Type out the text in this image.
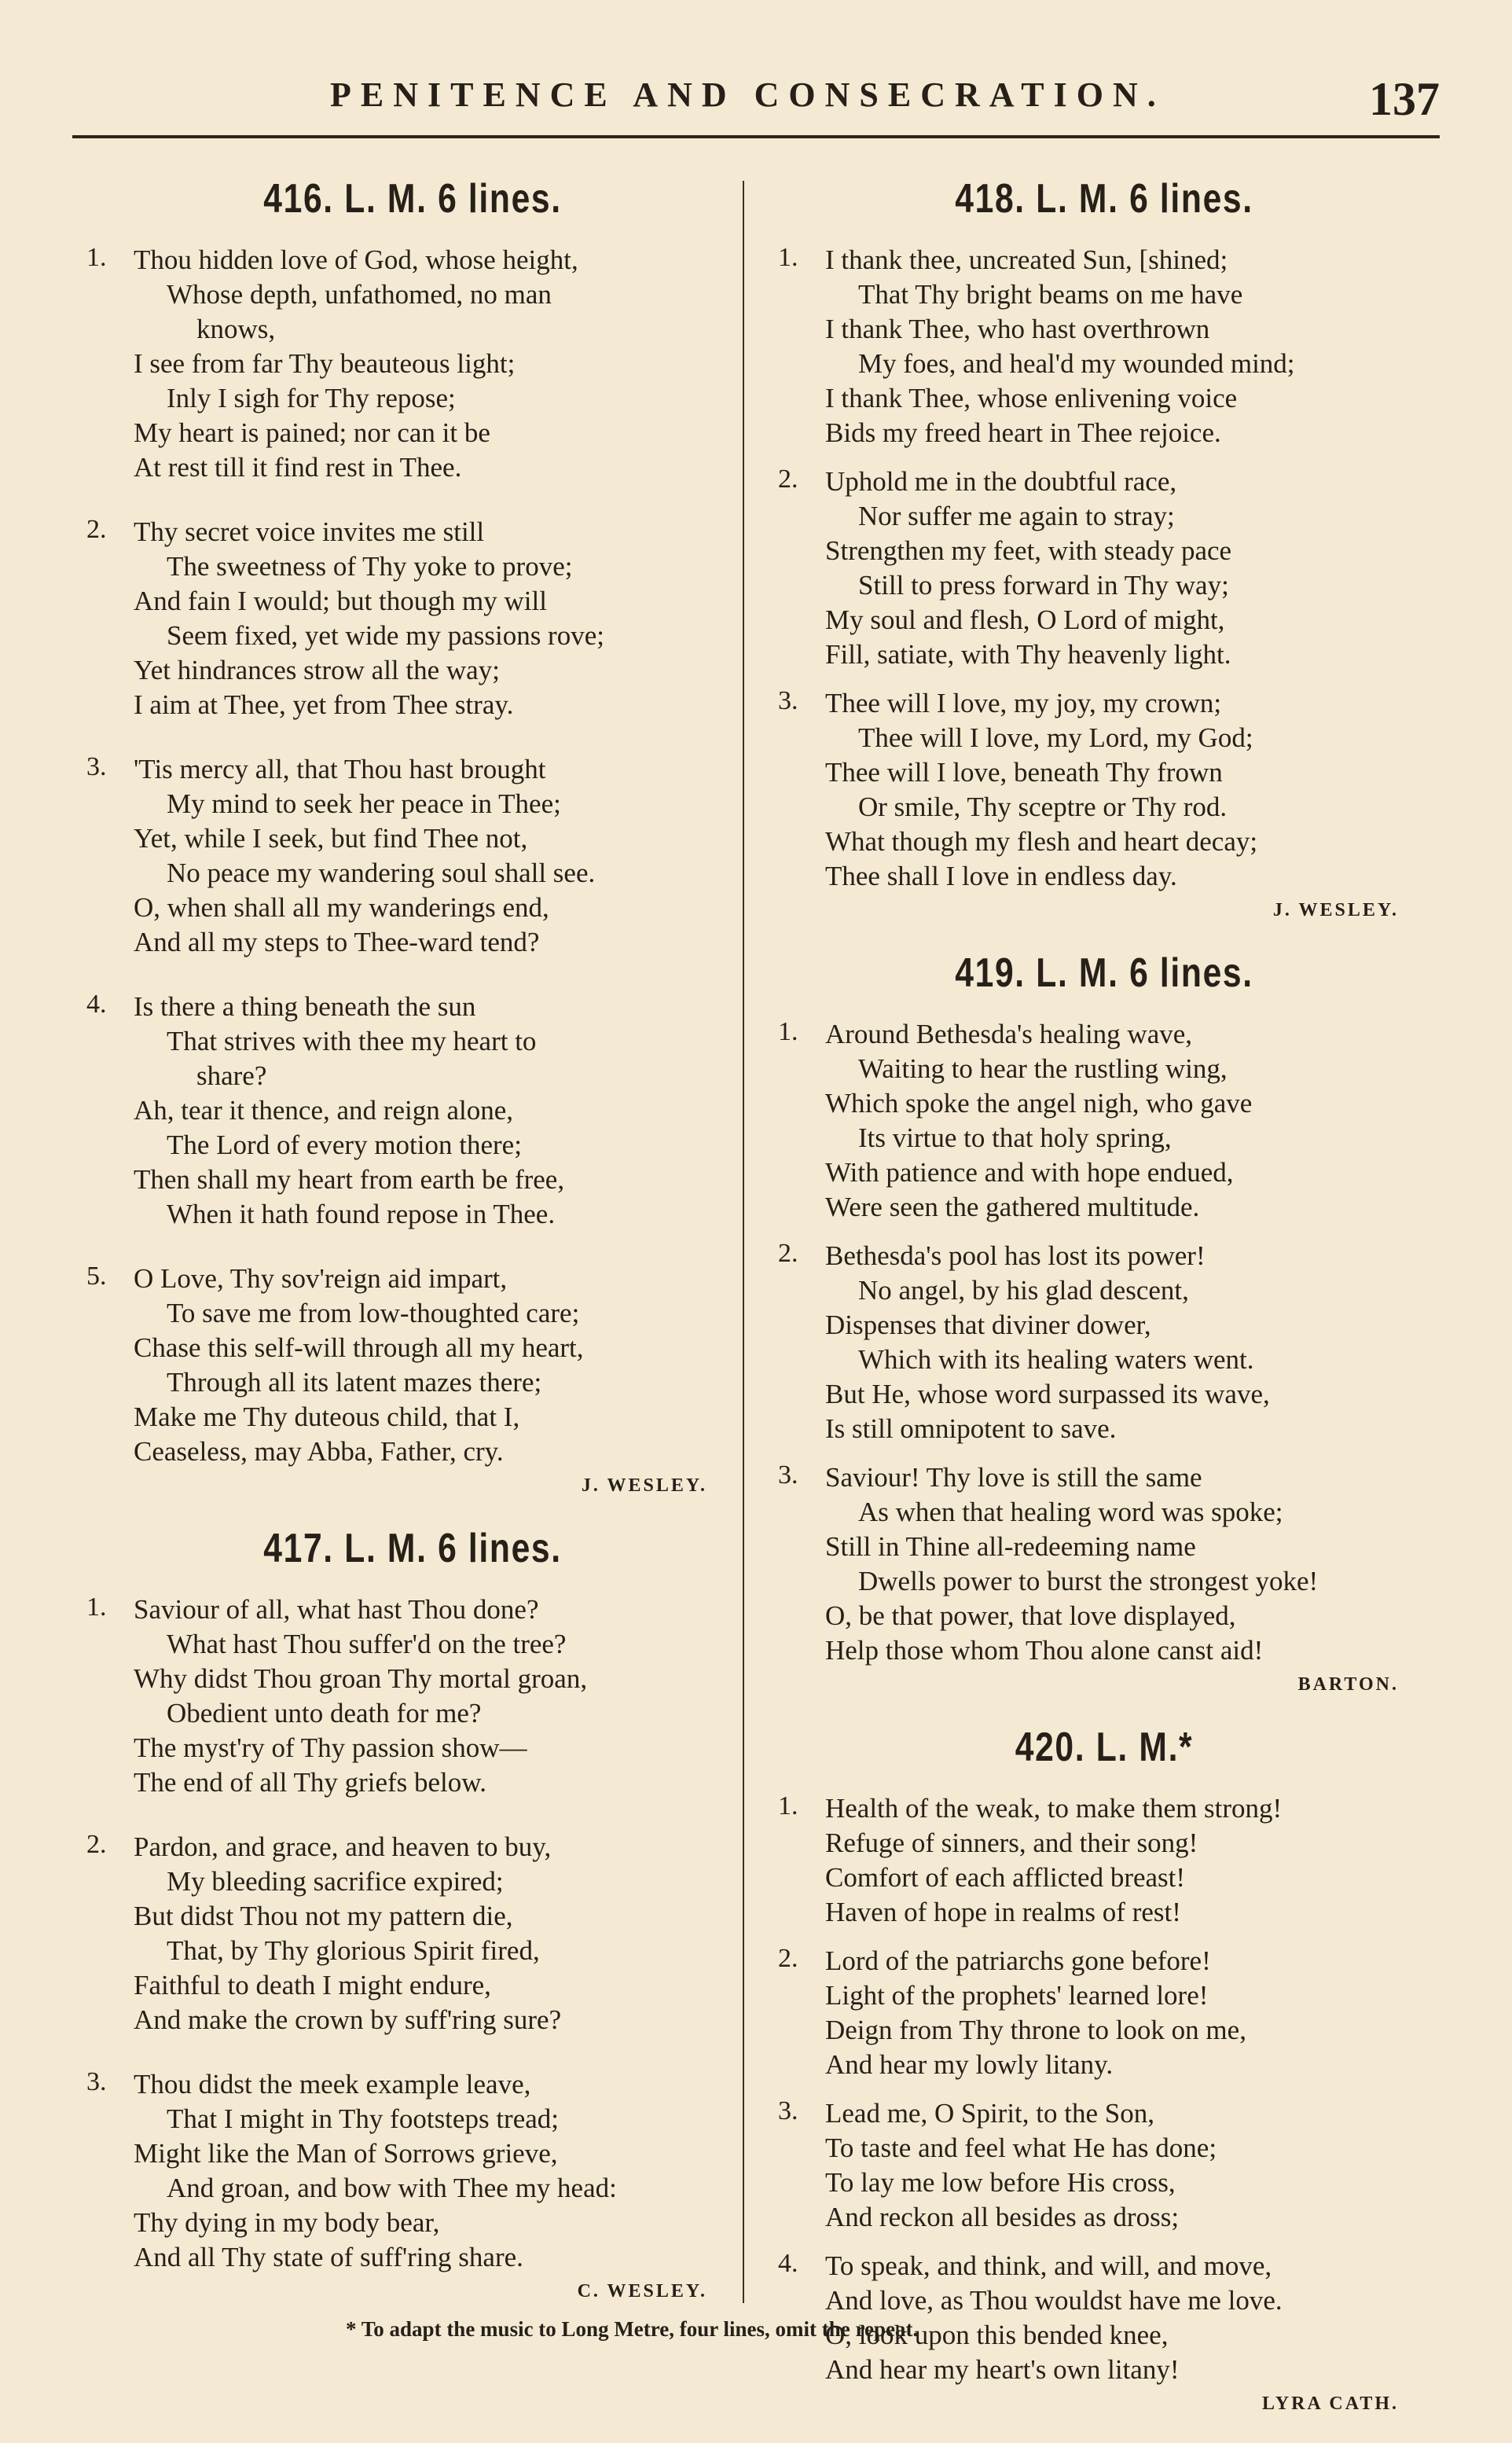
PENITENCE AND CONSECRATION.	137
416. L. M. 6 lines.
1. Thou hidden love of God, whose height,
Whose depth, unfathomed, no man
knows,
I see from far Thy beauteous light;
Inly I sigh for Thy repose;
My heart is pained; nor can it be
At rest till it find rest in Thee.
2. Thy secret voice invites me still
The sweetness of Thy yoke to prove;
And fain I would; but though my will
Seem fixed, yet wide my passions rove;
Yet hindrances strow all the way;
I aim at Thee, yet from Thee stray.
3. 'Tis mercy all, that Thou hast brought
My mind to seek her peace in Thee;
Yet, while I seek, but find Thee not,
No peace my wandering soul shall see.
O, when shall all my wanderings end,
And all my steps to Thee-ward tend?
4. Is there a thing beneath the sun
That strives with thee my heart to
share?
Ah, tear it thence, and reign alone,
The Lord of every motion there;
Then shall my heart from earth be free,
When it hath found repose in Thee.
5. O Love, Thy sov'reign aid impart,
To save me from low-thoughted care;
Chase this self-will through all my heart,
Through all its latent mazes there;
Make me Thy duteous child, that I,
Ceaseless, may Abba, Father, cry.
J. WESLEY.
417. L. M. 6 lines.
1. Saviour of all, what hast Thou done?
What hast Thou suffer'd on the tree?
Why didst Thou groan Thy mortal groan,
Obedient unto death for me?
The myst'ry of Thy passion show—
The end of all Thy griefs below.
2. Pardon, and grace, and heaven to buy,
My bleeding sacrifice expired;
But didst Thou not my pattern die,
That, by Thy glorious Spirit fired,
Faithful to death I might endure,
And make the crown by suff'ring sure?
3. Thou didst the meek example leave,
That I might in Thy footsteps tread;
Might like the Man of Sorrows grieve,
And groan, and bow with Thee my head:
Thy dying in my body bear,
And all Thy state of suff'ring share.
C. WESLEY.
418. L. M. 6 lines.
1. I thank thee, uncreated Sun, [shined;
That Thy bright beams on me have
I thank Thee, who hast overthrown
My foes, and heal'd my wounded mind;
I thank Thee, whose enlivening voice
Bids my freed heart in Thee rejoice.
2. Uphold me in the doubtful race,
Nor suffer me again to stray;
Strengthen my feet, with steady pace
Still to press forward in Thy way;
My soul and flesh, O Lord of might,
Fill, satiate, with Thy heavenly light.
3. Thee will I love, my joy, my crown;
Thee will I love, my Lord, my God;
Thee will I love, beneath Thy frown
Or smile, Thy sceptre or Thy rod.
What though my flesh and heart decay;
Thee shall I love in endless day.
J. WESLEY.
419. L. M. 6 lines.
1. Around Bethesda's healing wave,
Waiting to hear the rustling wing,
Which spoke the angel nigh, who gave
Its virtue to that holy spring,
With patience and with hope endued,
Were seen the gathered multitude.
2. Bethesda's pool has lost its power!
No angel, by his glad descent,
Dispenses that diviner dower,
Which with its healing waters went.
But He, whose word surpassed its wave,
Is still omnipotent to save.
3. Saviour! Thy love is still the same
As when that healing word was spoke;
Still in Thine all-redeeming name
Dwells power to burst the strongest yoke!
O, be that power, that love displayed,
Help those whom Thou alone canst aid!
BARTON.
420. L. M.*
1. Health of the weak, to make them strong!
Refuge of sinners, and their song!
Comfort of each afflicted breast!
Haven of hope in realms of rest!
2. Lord of the patriarchs gone before!
Light of the prophets' learned lore!
Deign from Thy throne to look on me,
And hear my lowly litany.
3. Lead me, O Spirit, to the Son,
To taste and feel what He has done;
To lay me low before His cross,
And reckon all besides as dross;
4. To speak, and think, and will, and move,
And love, as Thou wouldst have me love.
O, look upon this bended knee,
And hear my heart's own litany!
LYRA CATH.
* To adapt the music to Long Metre, four lines, omit the repeat.
